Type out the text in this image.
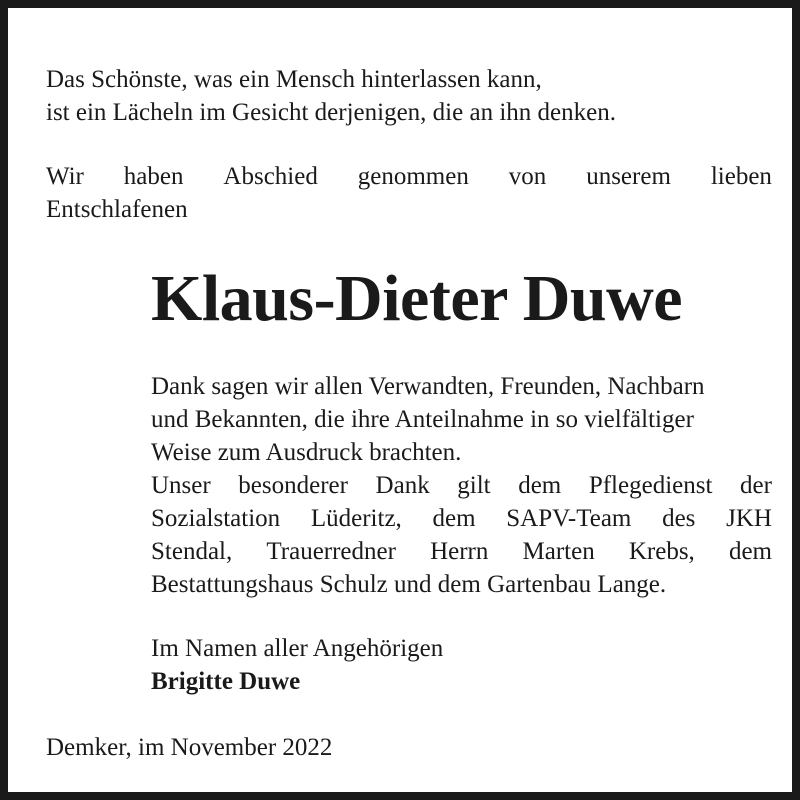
Das Schönste, was ein Mensch hinterlassen kann,
ist ein Lächeln im Gesicht derjenigen, die an ihn denken.
Wir haben Abschied genommen von unserem lieben
Entschlafenen
Klaus-Dieter Duwe
Dank sagen wir allen Verwandten, Freunden, Nachbarn
und Bekannten, die ihre Anteilnahme in so vielfältiger
Weise zum Ausdruck brachten.
Unser besonderer Dank gilt dem Pflegedienst der
Sozialstation Lüderitz, dem SAPV-Team des JKH
Stendal, Trauerredner Herrn Marten Krebs, dem
Bestattungshaus Schulz und dem Gartenbau Lange.
Im Namen aller Angehörigen
Brigitte Duwe
Demker, im November 2022
